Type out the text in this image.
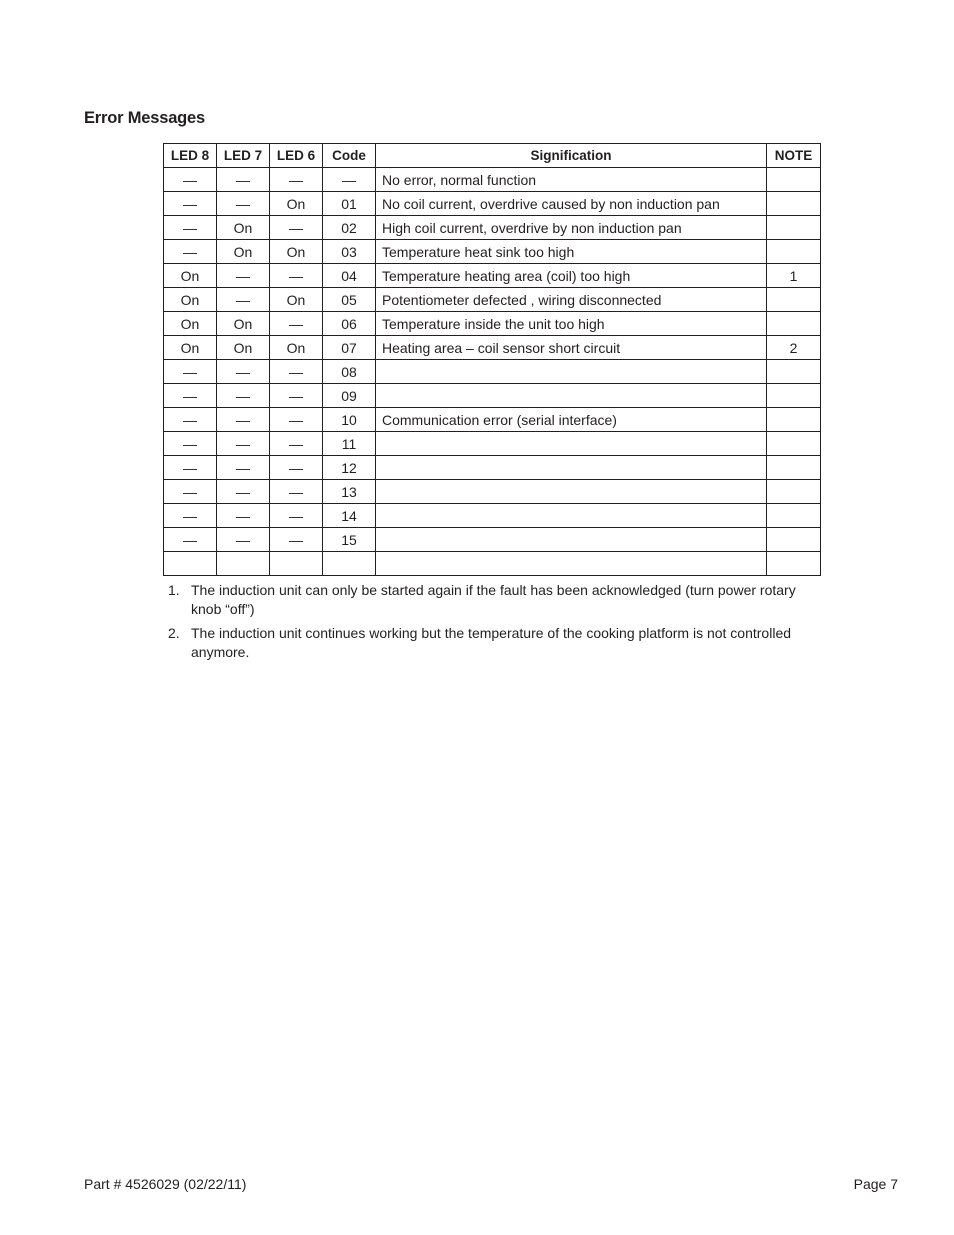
Error Messages
LED 8	LED 7	LED 6	Code	Signification	NOTE
—	—	—	—	No error, normal function	
—	—	On	01	No coil current, overdrive caused by non induction pan	
—	On	—	02	High coil current, overdrive by non induction pan	
—	On	On	03	Temperature heat sink too high	
On	—	—	04	Temperature heating area (coil) too high	1
On	—	On	05	Potentiometer defected , wiring disconnected	
On	On	—	06	Temperature inside the unit too high	
On	On	On	07	Heating area – coil sensor short circuit	2
—	—	—	08		
—	—	—	09		
—	—	—	10	Communication error (serial interface)	
—	—	—	11		
—	—	—	12		
—	—	—	13		
—	—	—	14		
—	—	—	15		

1. The induction unit can only be started again if the fault has been acknowledged (turn power rotary knob “off”)
2. The induction unit continues working but the temperature of the cooking platform is not controlled anymore.
Part # 4526029 (02/22/11)	Page 7
